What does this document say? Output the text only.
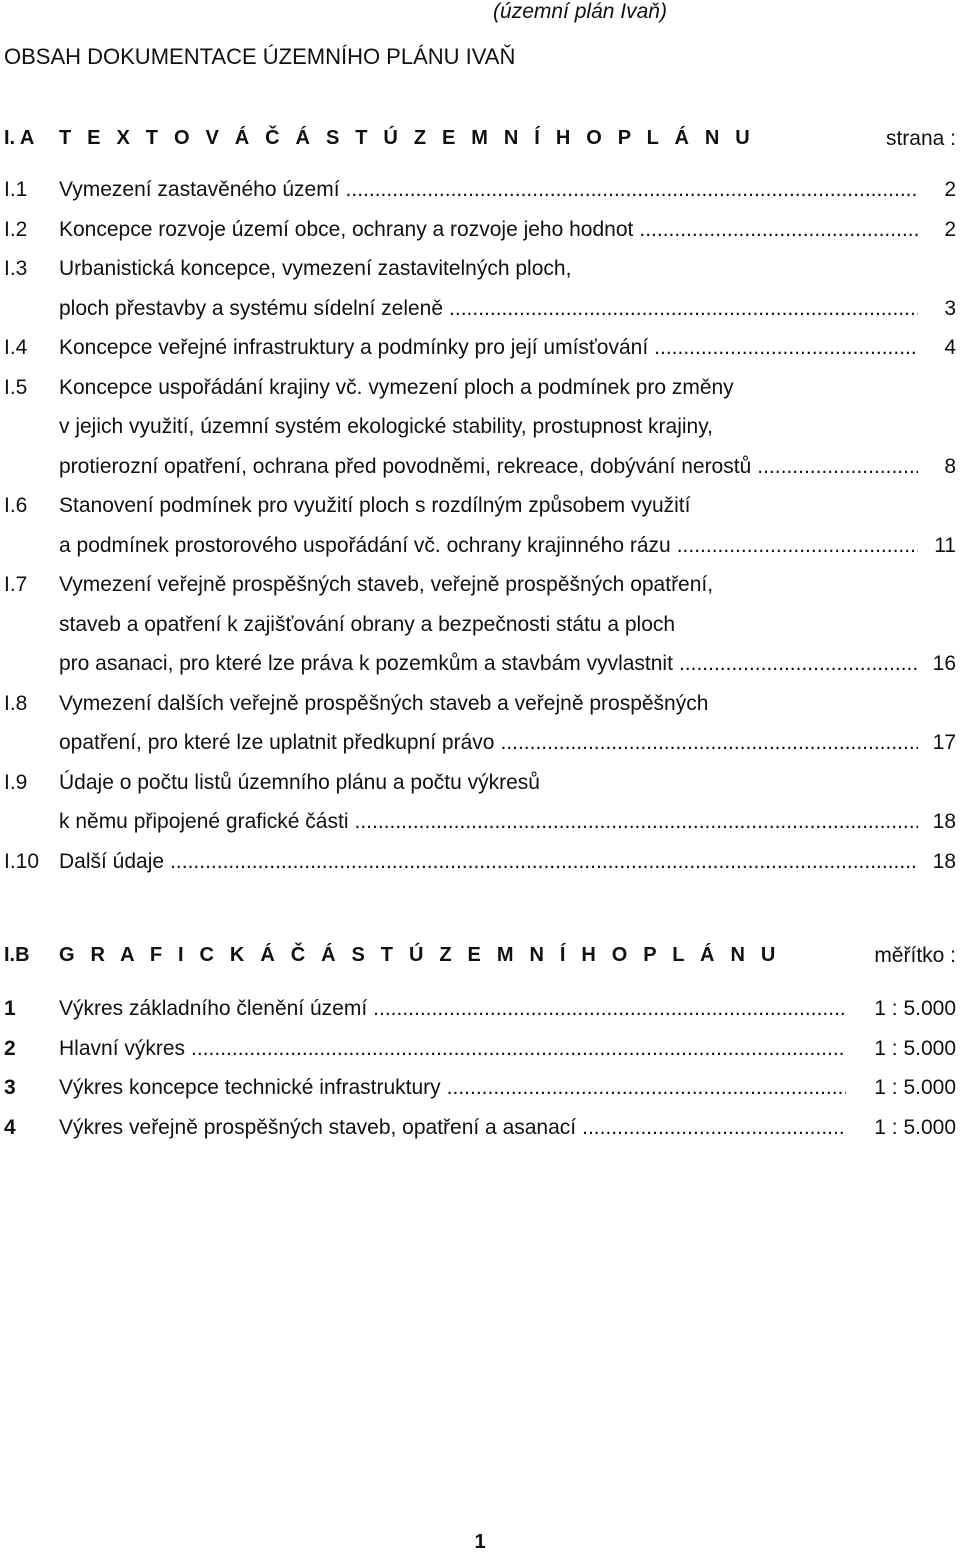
(územní plán Ivaň)
OBSAH DOKUMENTACE ÚZEMNÍHO PLÁNU IVAŇ
I. A T E X T O V Á Č Á S T Ú Z E M N Í H O P L Á N U	strana :
I.1 Vymezení zastavěného území .....	2
I.2 Koncepce rozvoje území obce, ochrany a rozvoje jeho hodnot .....	2
I.3 Urbanistická koncepce, vymezení zastavitelných ploch,
ploch přestavby a systému sídelní zeleně .....	3
I.4 Koncepce veřejné infrastruktury a podmínky pro její umísťování .....	4
I.5 Koncepce uspořádání krajiny vč. vymezení ploch a podmínek pro změny
v jejich využití, územní systém ekologické stability, prostupnost krajiny,
protierozní opatření, ochrana před povodněmi, rekreace, dobývání nerostů .....	8
I.6 Stanovení podmínek pro využití ploch s rozdílným způsobem využití
a podmínek prostorového uspořádání vč. ochrany krajinného rázu .....	11
I.7 Vymezení veřejně prospěšných staveb, veřejně prospěšných opatření,
staveb a opatření k zajišťování obrany a bezpečnosti státu a ploch
pro asanaci, pro které lze práva k pozemkům a stavbám vyvlastnit .....	16
I.8 Vymezení dalších veřejně prospěšných staveb a veřejně prospěšných
opatření, pro které lze uplatnit předkupní právo .....	17
I.9 Údaje o počtu listů územního plánu a počtu výkresů
k němu připojené grafické části .....	18
I.10 Další údaje .....	18
I.B G R A F I C K Á Č Á S T Ú Z E M N Í H O P L Á N U	měřítko :
1 Výkres základního členění území .....	1 : 5.000
2 Hlavní výkres .....	1 : 5.000
3 Výkres koncepce technické infrastruktury .....	1 : 5.000
4 Výkres veřejně prospěšných staveb, opatření a asanací .....	1 : 5.000
1
